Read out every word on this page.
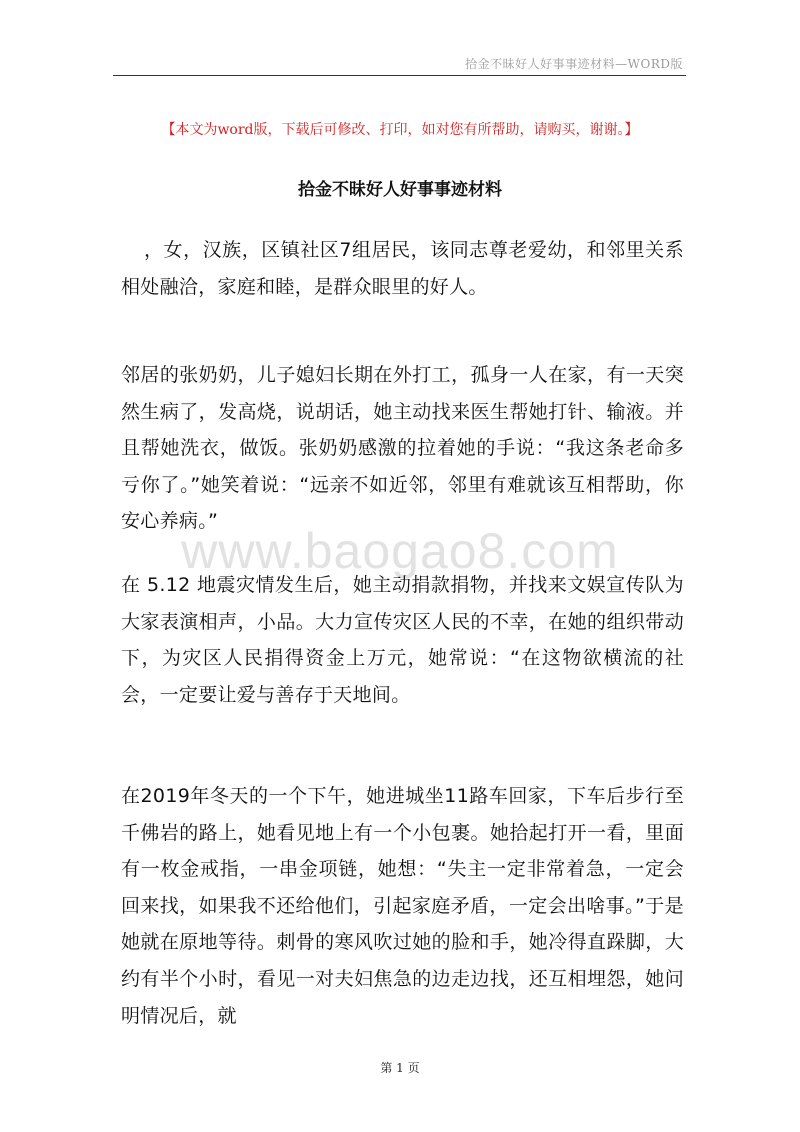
拾金不昧好人好事事迹材料—WORD版
【本文为word版，下载后可修改、打印，如对您有所帮助，请购买，谢谢。】
拾金不昧好人好事事迹材料

，女，汉族，区镇社区7组居民，该同志尊老爱幼，和邻里关系相处融洽，家庭和睦，是群众眼里的好人。

邻居的张奶奶，儿子媳妇长期在外打工，孤身一人在家，有一天突然生病了，发高烧，说胡话，她主动找来医生帮她打针、输液。并且帮她洗衣，做饭。张奶奶感激的拉着她的手说：“我这条老命多亏你了。”她笑着说：“远亲不如近邻，邻里有难就该互相帮助，你安心养病。”

www.baogao8.com

在 5.12 地震灾情发生后，她主动捐款捐物，并找来文娱宣传队为大家表演相声，小品。大力宣传灾区人民的不幸，在她的组织带动下，为灾区人民捐得资金上万元，她常说：“在这物欲横流的社会，一定要让爱与善存于天地间。

在2019年冬天的一个下午，她进城坐11路车回家，下车后步行至千佛岩的路上，她看见地上有一个小包裹。她拾起打开一看，里面有一枚金戒指，一串金项链，她想：“失主一定非常着急，一定会回来找，如果我不还给他们，引起家庭矛盾，一定会出啥事。”于是她就在原地等待。刺骨的寒风吹过她的脸和手，她冷得直跺脚，大约有半个小时，看见一对夫妇焦急的边走边找，还互相埋怨，她问明情况后，就

第 1 页
